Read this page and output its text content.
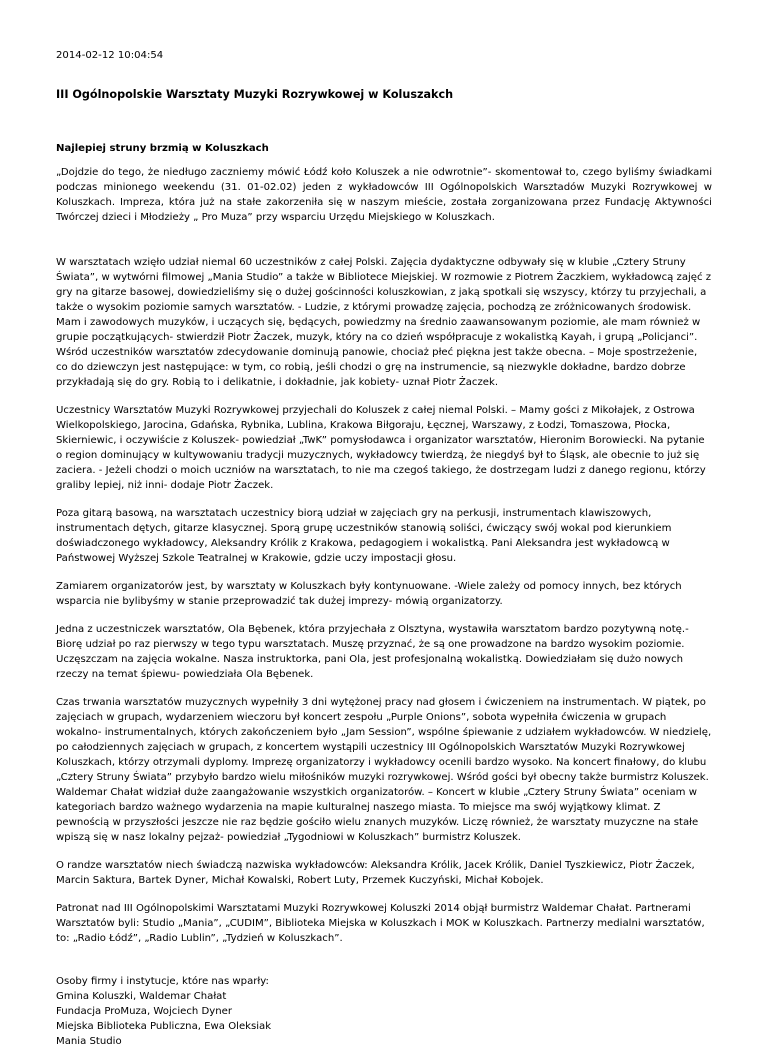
2014-02-12 10:04:54
III Ogólnopolskie Warsztaty Muzyki Rozrywkowej w Koluszakch
Najlepiej struny brzmią w Koluszkach

„Dojdzie do tego, że niedługo zaczniemy mówić Łódź koło Koluszek a nie odwrotnie”- skomentował to, czego byliśmy świadkami podczas minionego weekendu (31. 01-02.02) jeden z wykładowców III Ogólnopolskich Warsztadów Muzyki Rozrywkowej w Koluszkach. Impreza, która już na stałe zakorzeniła się w naszym mieście, została zorganizowana przez Fundację Aktywności Twórczej dzieci i Młodzieży „ Pro Muza” przy wsparciu Urzędu Miejskiego w Koluszkach.

W warsztatach wzięło udział niemal 60 uczestników z całej Polski. Zajęcia dydaktyczne odbywały się w klubie „Cztery Struny Świata”, w wytwórni filmowej „Mania Studio” a także w Bibliotece Miejskiej. W rozmowie z Piotrem Żaczkiem, wykładowcą zajęć z gry na gitarze basowej, dowiedzieliśmy się o dużej gościnności koluszkowian, z jaką spotkali się wszyscy, którzy tu przyjechali, a także o wysokim poziomie samych warsztatów. - Ludzie, z którymi prowadzę zajęcia, pochodzą ze zróżnicowanych środowisk. Mam i zawodowych muzyków, i uczących się, będących, powiedzmy na średnio zaawansowanym poziomie, ale mam również w grupie początkujących- stwierdził Piotr Żaczek, muzyk, który na co dzień współpracuje z wokalistką Kayah, i grupą „Policjanci”. Wśród uczestników warsztatów zdecydowanie dominują panowie, chociaż płeć piękna jest także obecna. – Moje spostrzeżenie, co do dziewczyn jest następujące: w tym, co robią, jeśli chodzi o grę na instrumencie, są niezwykle dokładne, bardzo dobrze przykładają się do gry. Robią to i delikatnie, i dokładnie, jak kobiety- uznał Piotr Żaczek.

Uczestnicy Warsztatów Muzyki Rozrywkowej przyjechali do Koluszek z całej niemal Polski. – Mamy gości z Mikołajek, z Ostrowa Wielkopolskiego, Jarocina, Gdańska, Rybnika, Lublina, Krakowa Biłgoraju, Łęcznej, Warszawy, z Łodzi, Tomaszowa, Płocka, Skierniewic, i oczywiście z Koluszek- powiedział „TwK” pomysłodawca i organizator warsztatów, Hieronim Borowiecki. Na pytanie o region dominujący w kultywowaniu tradycji muzycznych, wykładowcy twierdzą, że niegdyś był to Śląsk, ale obecnie to już się zaciera. - Jeżeli chodzi o moich uczniów na warsztatach, to nie ma czegoś takiego, że dostrzegam ludzi z danego regionu, którzy graliby lepiej, niż inni- dodaje Piotr Żaczek.

Poza gitarą basową, na warsztatach uczestnicy biorą udział w zajęciach gry na perkusji, instrumentach klawiszowych, instrumentach dętych, gitarze klasycznej. Sporą grupę uczestników stanowią soliści, ćwiczący swój wokal pod kierunkiem doświadczonego wykładowcy, Aleksandry Królik z Krakowa, pedagogiem i wokalistką. Pani Aleksandra jest wykładowcą w Państwowej Wyższej Szkole Teatralnej w Krakowie, gdzie uczy impostacji głosu.

Zamiarem organizatorów jest, by warsztaty w Koluszkach były kontynuowane. -Wiele zależy od pomocy innych, bez których wsparcia nie bylibyśmy w stanie przeprowadzić tak dużej imprezy- mówią organizatorzy.

Jedna z uczestniczek warsztatów, Ola Bębenek, która przyjechała z Olsztyna, wystawiła warsztatom bardzo pozytywną notę.- Biorę udział po raz pierwszy w tego typu warsztatach. Muszę przyznać, że są one prowadzone na bardzo wysokim poziomie. Uczęszczam na zajęcia wokalne. Nasza instruktorka, pani Ola, jest profesjonalną wokalistką. Dowiedziałam się dużo nowych rzeczy na temat śpiewu- powiedziała Ola Bębenek.

Czas trwania warsztatów muzycznych wypełniły 3 dni wytężonej pracy nad głosem i ćwiczeniem na instrumentach. W piątek, po zajęciach w grupach, wydarzeniem wieczoru był koncert zespołu „Purple Onions”, sobota wypełniła ćwiczenia w grupach wokalno- instrumentalnych, których zakończeniem było „Jam Session”, wspólne śpiewanie z udziałem wykładowców. W niedzielę, po całodziennych zajęciach w grupach, z koncertem wystąpili uczestnicy III Ogólnopolskich Warsztatów Muzyki Rozrywkowej Koluszkach, którzy otrzymali dyplomy. Imprezę organizatorzy i wykładowcy ocenili bardzo wysoko. Na koncert finałowy, do klubu „Cztery Struny Świata” przybyło bardzo wielu miłośników muzyki rozrywkowej. Wśród gości był obecny także burmistrz Koluszek. Waldemar Chałat widział duże zaangażowanie wszystkich organizatorów. – Koncert w klubie „Cztery Struny Świata” oceniam w kategoriach bardzo ważnego wydarzenia na mapie kulturalnej naszego miasta. To miejsce ma swój wyjątkowy klimat. Z pewnością w przyszłości jeszcze nie raz będzie gościło wielu znanych muzyków. Liczę również, że warsztaty muzyczne na stałe wpiszą się w nasz lokalny pejzaż- powiedział „Tygodniowi w Koluszkach” burmistrz Koluszek.

O randze warsztatów niech świadczą nazwiska wykładowców: Aleksandra Królik, Jacek Królik, Daniel Tyszkiewicz, Piotr Żaczek, Marcin Saktura, Bartek Dyner, Michał Kowalski, Robert Luty, Przemek Kuczyński, Michał Kobojek.

Patronat nad III Ogólnopolskimi Warsztatami Muzyki Rozrywkowej Koluszki 2014 objął burmistrz Waldemar Chałat. Partnerami Warsztatów byli: Studio „Mania”, „CUDIM”, Biblioteka Miejska w Koluszkach i MOK w Koluszkach. Partnerzy medialni warsztatów, to: „Radio Łódź”, „Radio Lublin”, „Tydzień w Koluszkach”.

Osoby firmy i instytucje, które nas wparły:
Gmina Koluszki, Waldemar Chałat
Fundacja ProMuza, Wojciech Dyner
Miejska Biblioteka Publiczna, Ewa Oleksiak
Mania Studio
